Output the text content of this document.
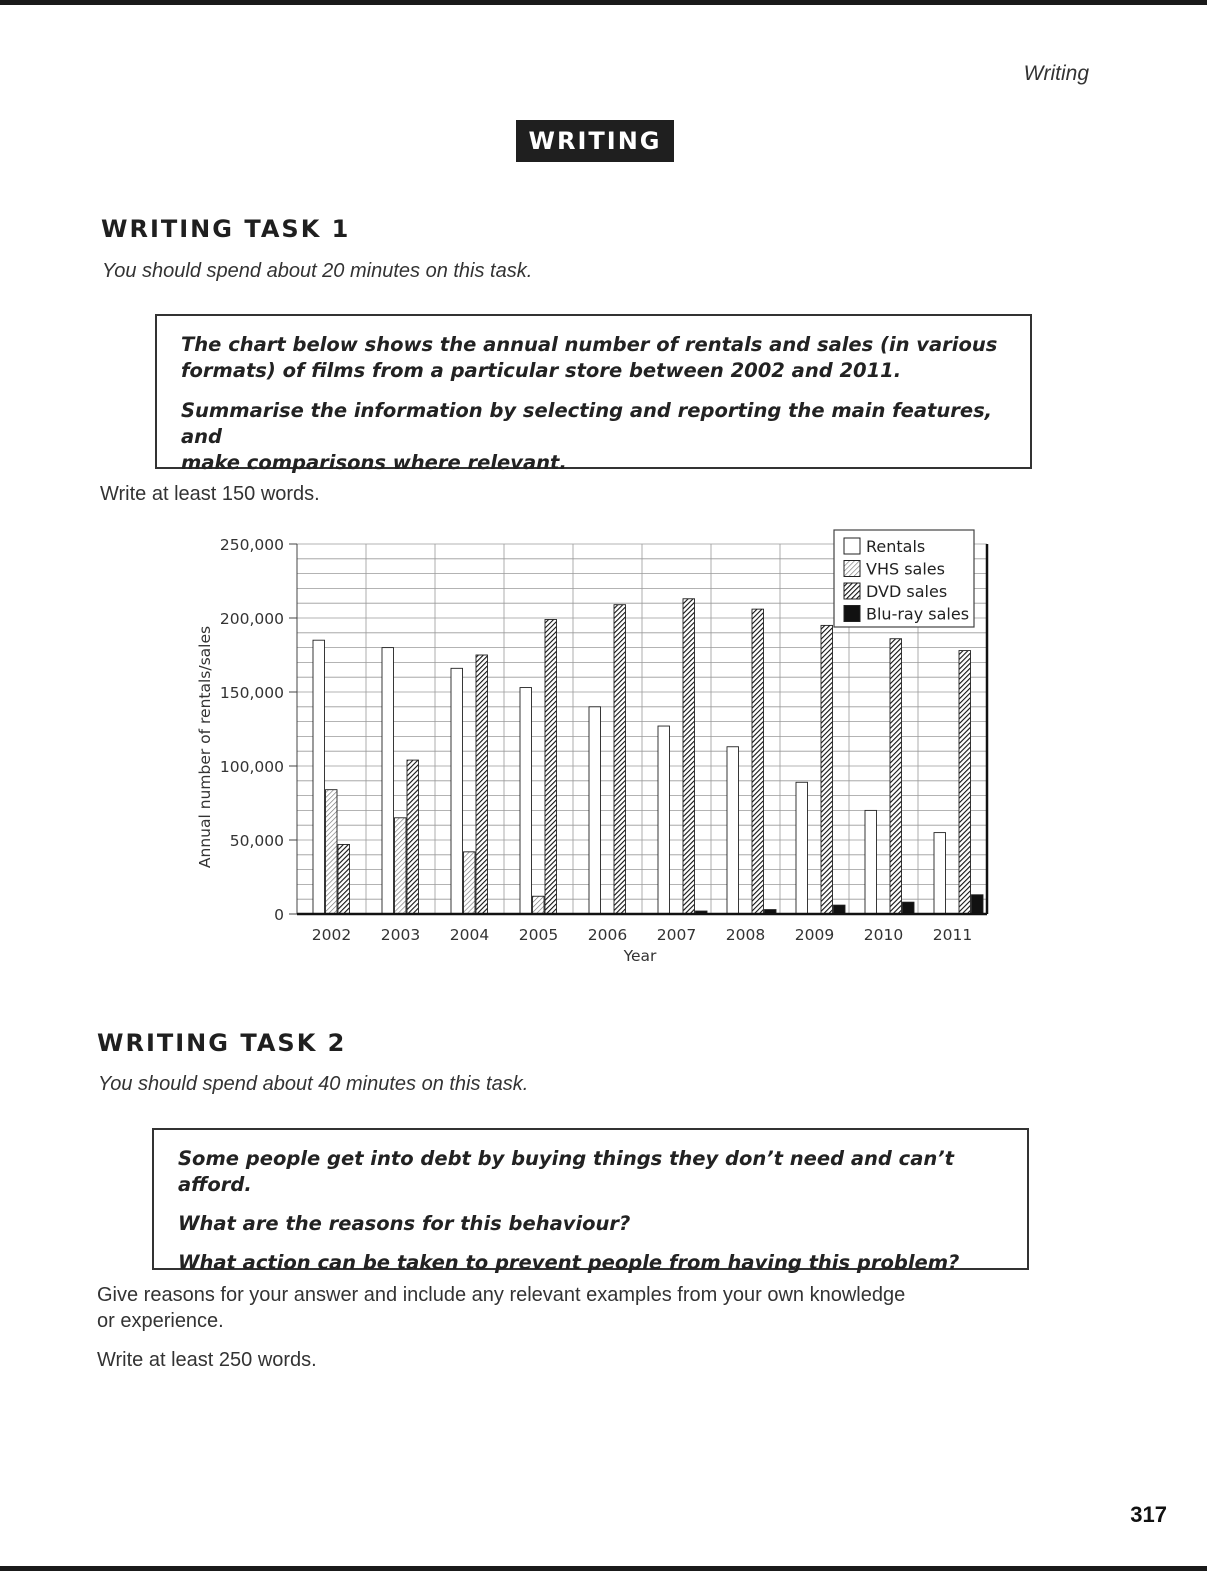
Writing
WRITING
WRITING TASK 1
You should spend about 20 minutes on this task.

The chart below shows the annual number of rentals and sales (in various

formats) of films from a particular store between 2002 and 2011.

Summarise the information by selecting and reporting the main features, and

make comparisons where relevant.

Write at least 150 words.
0
50,000
100,000
150,000
200,000
250,000
2002 2003 2004 2005 2006 2007 2008 2009 2010 2011
Annual number of rentals/sales
Year
Rentals
VHS sales
DVD sales
Blu-ray sales
WRITING TASK 2
You should spend about 40 minutes on this task.

Some people get into debt by buying things they don’t need and can’t afford.

What are the reasons for this behaviour?

What action can be taken to prevent people from having this problem?

Give reasons for your answer and include any relevant examples from your own knowledge
or experience.
Write at least 250 words.
317
